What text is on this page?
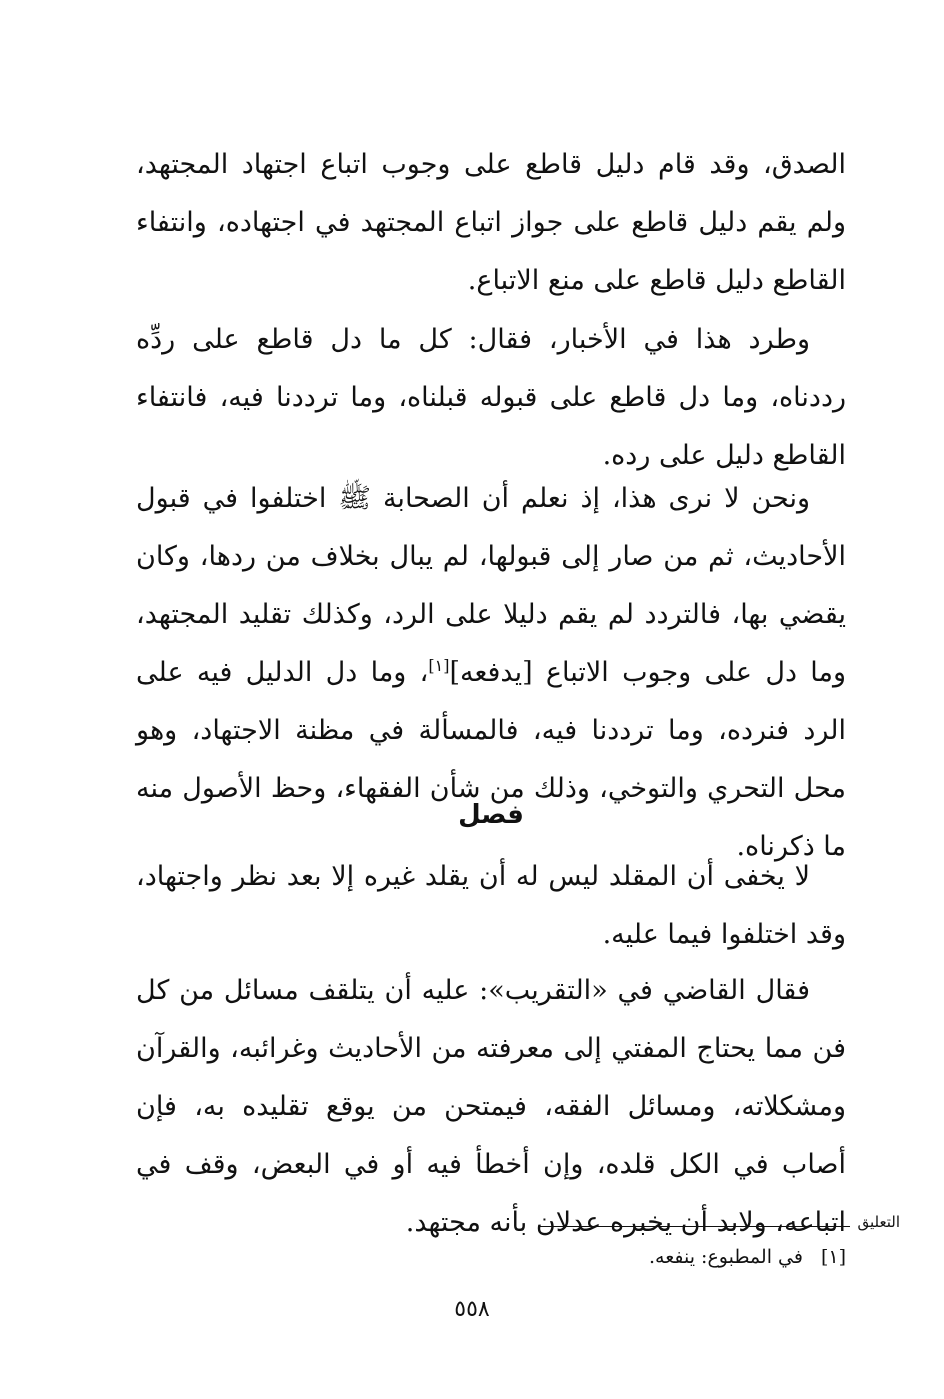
الصدق، وقد قام دليل قاطع على وجوب اتباع اجتهاد المجتهد، ولم يقم دليل قاطع على جواز اتباع المجتهد في اجتهاده، وانتفاء القاطع دليل قاطع على منع الاتباع.

وطرد هذا في الأخبار، فقال: كل ما دل قاطع على ردِّه رددناه، وما دل قاطع على قبوله قبلناه، وما ترددنا فيه، فانتفاء القاطع دليل على رده.

ونحن لا نرى هذا، إذ نعلم أن الصحابة ﷺ اختلفوا في قبول الأحاديث، ثم من صار إلى قبولها، لم يبال بخلاف من ردها، وكان يقضي بها، فالتردد لم يقم دليلا على الرد، وكذلك تقليد المجتهد، وما دل على وجوب الاتباع [يدفعه][١]، وما دل الدليل فيه على الرد فنرده، وما ترددنا فيه، فالمسألة في مظنة الاجتهاد، وهو محل التحري والتوخي، وذلك من شأن الفقهاء، وحظ الأصول منه ما ذكرناه.

فصل

لا يخفى أن المقلد ليس له أن يقلد غيره إلا بعد نظر واجتهاد، وقد اختلفوا فيما عليه.

فقال القاضي في «التقريب»: عليه أن يتلقف مسائل من كل فن مما يحتاج المفتي إلى معرفته من الأحاديث وغرائبه، والقرآن ومشكلاته، ومسائل الفقه، فيمتحن من يوقع تقليده به، فإن أصاب في الكل قلده، وإن أخطأ فيه أو في البعض، وقف في اتباعه، ولابد أن يخبره عدلان بأنه مجتهد. التعليق
[١]في المطبوع: ينفعه.
٥٥٨
